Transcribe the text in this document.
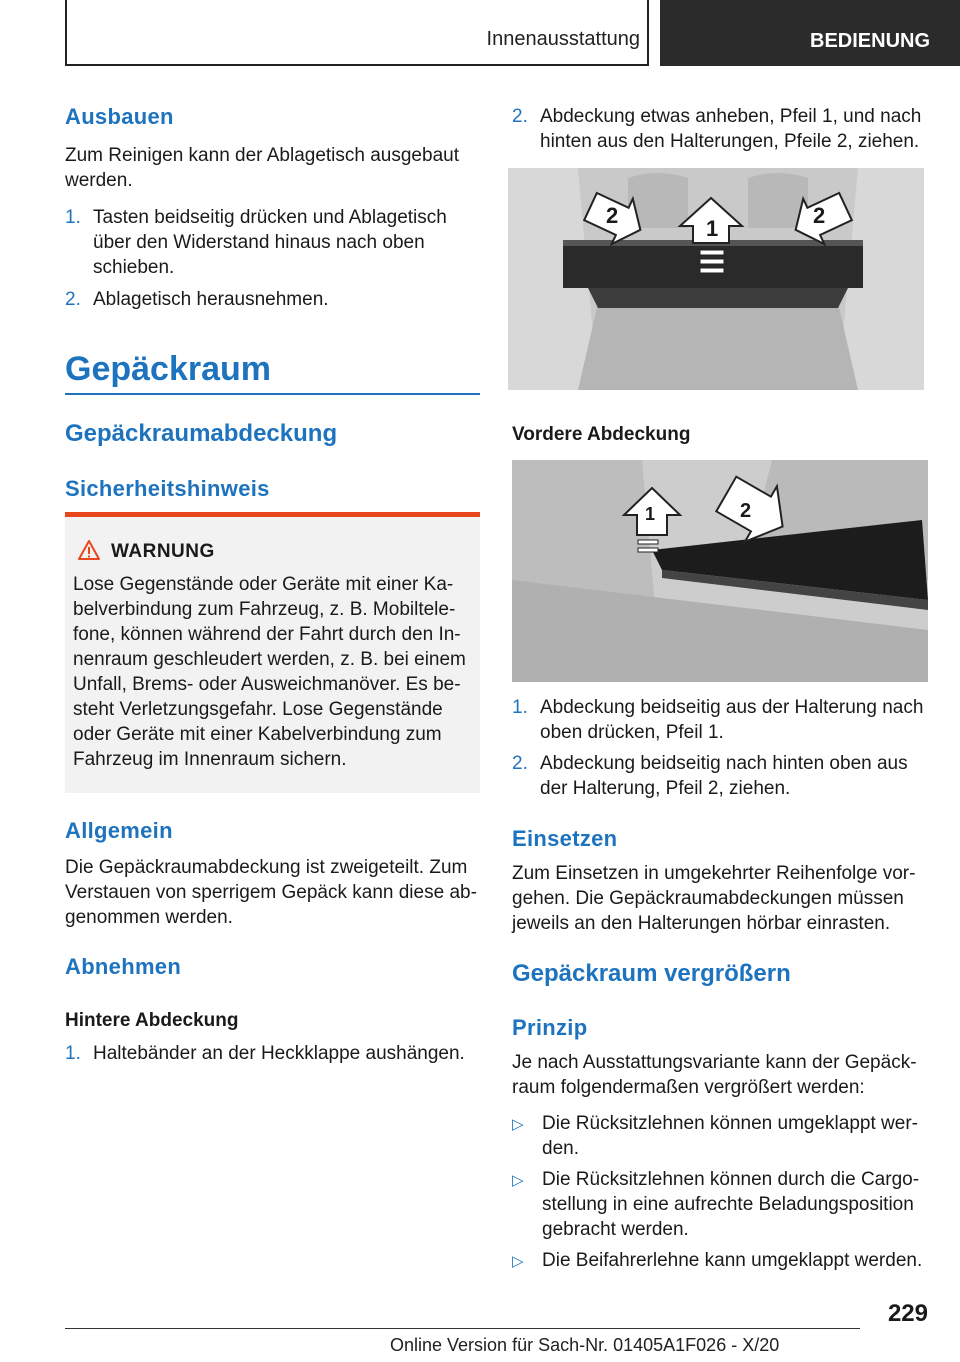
Innenausstattung	BEDIENUNG
Ausbauen
Zum Reinigen kann der Ablagetisch ausgebaut werden.
1. Tasten beidseitig drücken und Ablagetisch über den Widerstand hinaus nach oben schieben.
2. Ablagetisch herausnehmen.
Gepäckraum
Gepäckraumabdeckung
Sicherheitshinweis
WARNUNG
Lose Gegenstände oder Geräte mit einer Ka-belverbindung zum Fahrzeug, z. B. Mobiltele-fone, können während der Fahrt durch den In-nenraum geschleudert werden, z. B. bei einem Unfall, Brems- oder Ausweichmanöver. Es be-steht Verletzungsgefahr. Lose Gegenstände oder Geräte mit einer Kabelverbindung zum Fahrzeug im Innenraum sichern.
Allgemein
Die Gepäckraumabdeckung ist zweigeteilt. Zum Verstauen von sperrigem Gepäck kann diese ab-genommen werden.
Abnehmen
Hintere Abdeckung
1. Haltebänder an der Heckklappe aushängen.
2. Abdeckung etwas anheben, Pfeil 1, und nach hinten aus den Halterungen, Pfeile 2, ziehen.
2
1
2
Vordere Abdeckung
1	2
1. Abdeckung beidseitig aus der Halterung nach oben drücken, Pfeil 1.
2. Abdeckung beidseitig nach hinten oben aus der Halterung, Pfeil 2, ziehen.
Einsetzen
Zum Einsetzen in umgekehrter Reihenfolge vor-gehen. Die Gepäckraumabdeckungen müssen jeweils an den Halterungen hörbar einrasten.
Gepäckraum vergrößern
Prinzip
Je nach Ausstattungsvariante kann der Gepäck-raum folgendermaßen vergrößert werden:
▷ Die Rücksitzlehnen können umgeklappt wer-den.
▷ Die Rücksitzlehnen können durch die Cargo-stellung in eine aufrechte Beladungsposition gebracht werden.
▷ Die Beifahrerlehne kann umgeklappt werden.
229
Online Version für Sach-Nr. 01405A1F026 - X/20
